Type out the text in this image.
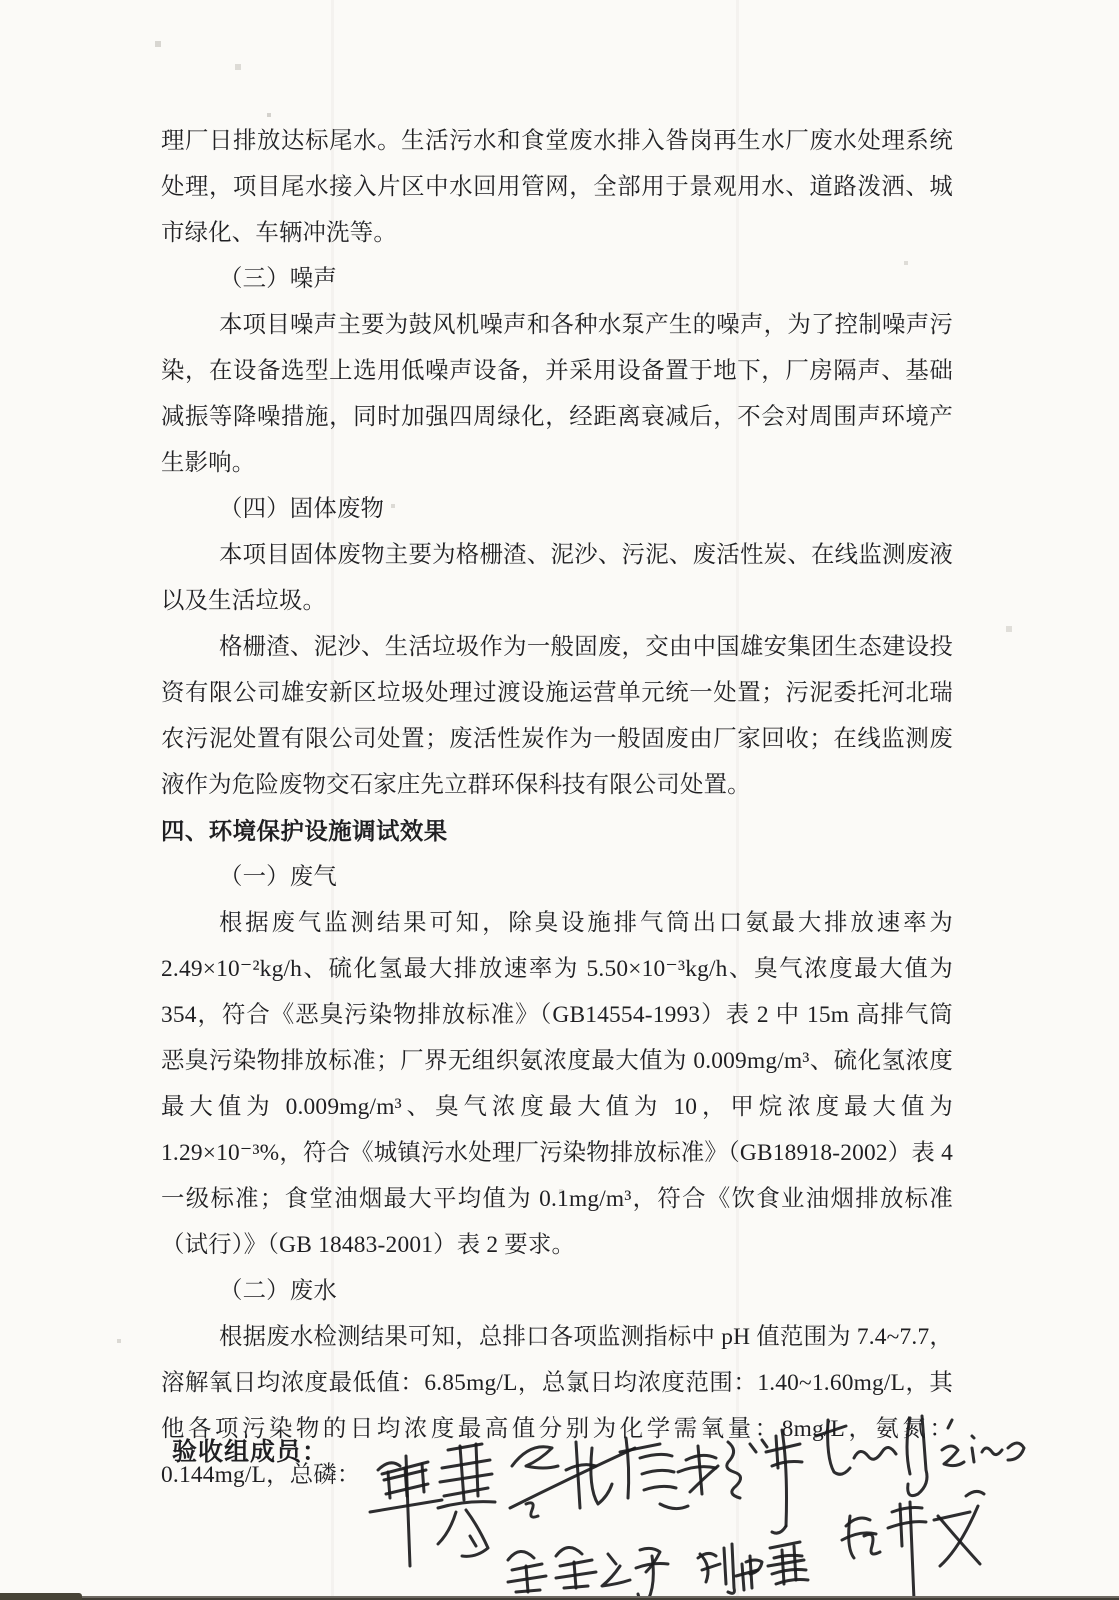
理厂日排放达标尾水。生活污水和食堂废水排入昝岗再生水厂废水处理系统处理，项目尾水接入片区中水回用管网，全部用于景观用水、道路泼洒、城市绿化、车辆冲洗等。

（三）噪声

本项目噪声主要为鼓风机噪声和各种水泵产生的噪声，为了控制噪声污染，在设备选型上选用低噪声设备，并采用设备置于地下，厂房隔声、基础减振等降噪措施，同时加强四周绿化，经距离衰减后，不会对周围声环境产生影响。

（四）固体废物

本项目固体废物主要为格栅渣、泥沙、污泥、废活性炭、在线监测废液以及生活垃圾。

格栅渣、泥沙、生活垃圾作为一般固废，交由中国雄安集团生态建设投资有限公司雄安新区垃圾处理过渡设施运营单元统一处置；污泥委托河北瑞农污泥处置有限公司处置；废活性炭作为一般固废由厂家回收；在线监测废液作为危险废物交石家庄先立群环保科技有限公司处置。

四、环境保护设施调试效果

（一）废气

根据废气监测结果可知，除臭设施排气筒出口氨最大排放速率为 2.49×10⁻²kg/h、硫化氢最大排放速率为 5.50×10⁻³kg/h、臭气浓度最大值为 354，符合《恶臭污染物排放标准》（GB14554-1993）表 2 中 15m 高排气筒恶臭污染物排放标准；厂界无组织氨浓度最大值为 0.009mg/m³、硫化氢浓度最大值为 0.009mg/m³、臭气浓度最大值为 10，甲烷浓度最大值为 1.29×10⁻³%，符合《城镇污水处理厂污染物排放标准》（GB18918-2002）表 4 一级标准；食堂油烟最大平均值为 0.1mg/m³，符合《饮食业油烟排放标准（试行）》（GB 18483-2001）表 2 要求。

（二）废水

根据废水检测结果可知，总排口各项监测指标中 pH 值范围为 7.4~7.7，溶解氧日均浓度最低值：6.85mg/L，总氯日均浓度范围：1.40~1.60mg/L，其他各项污染物的日均浓度最高值分别为化学需氧量：8mg/L，氨氮：0.144mg/L，总磷：

验收组成员：
